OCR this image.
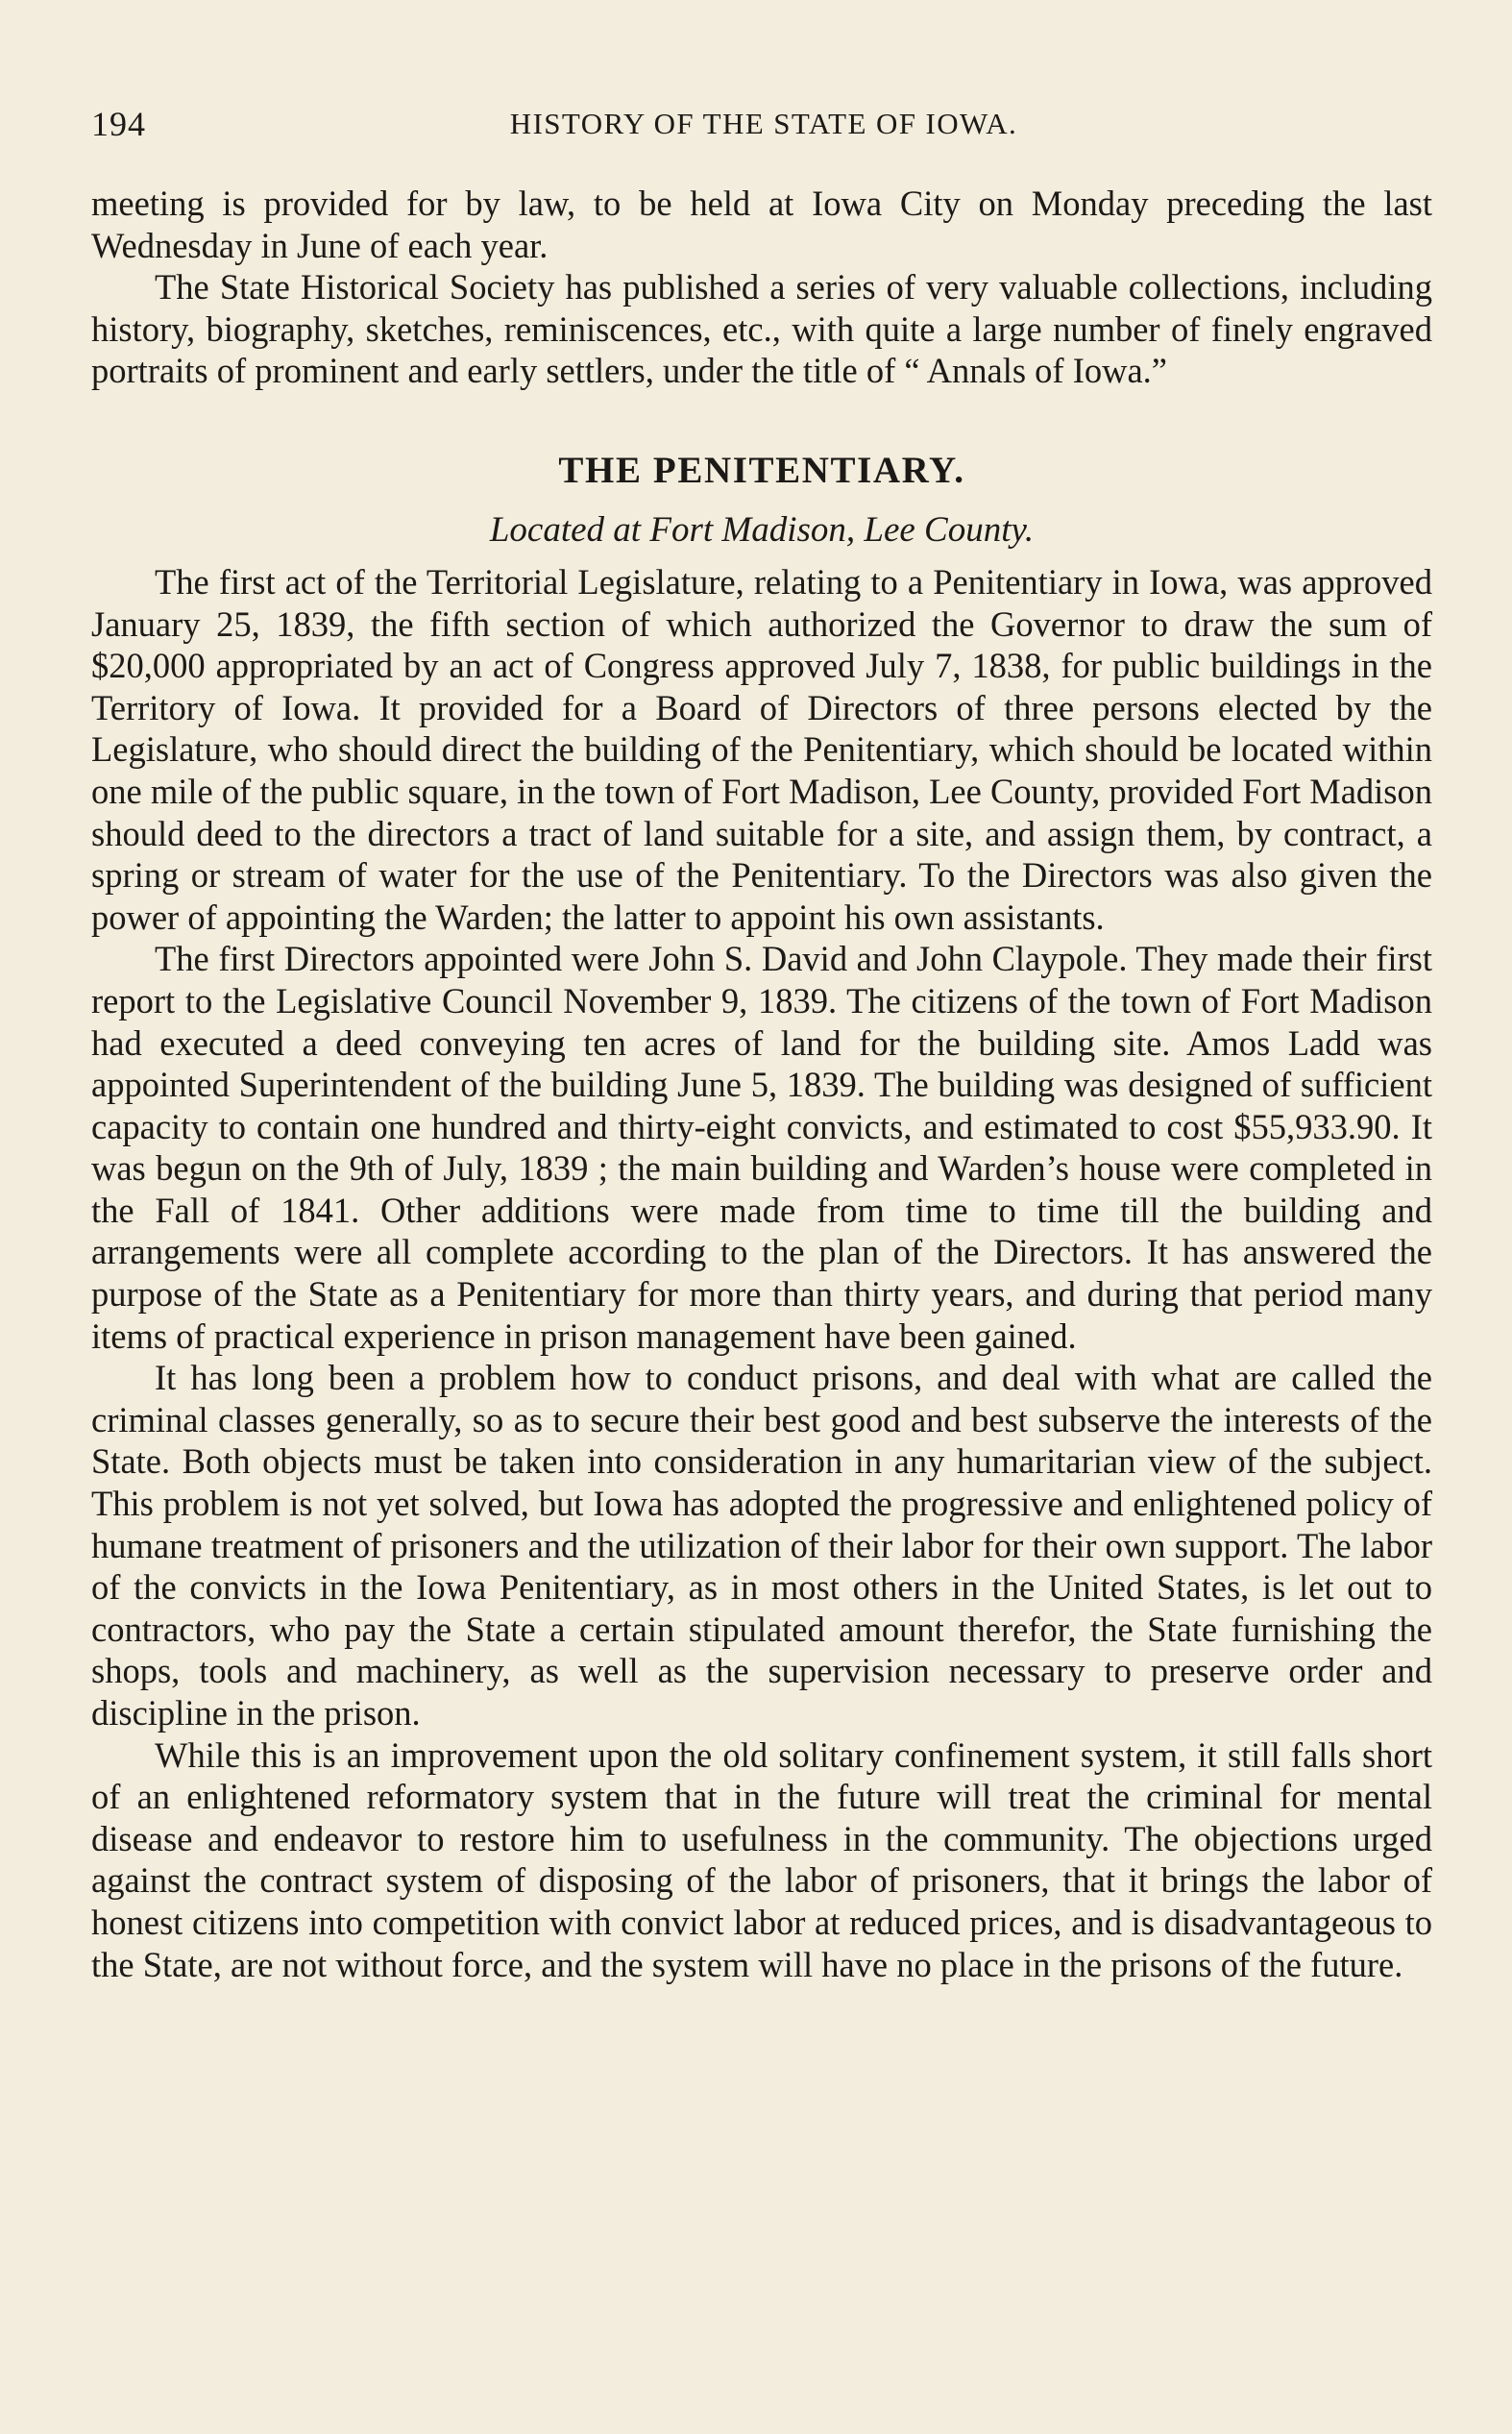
194	HISTORY OF THE STATE OF IOWA.

meeting is provided for by law, to be held at Iowa City on Monday preceding the last Wednesday in June of each year.

The State Historical Society has published a series of very valuable collections, including history, biography, sketches, reminiscences, etc., with quite a large number of finely engraved portraits of prominent and early settlers, under the title of “ Annals of Iowa.”

THE PENITENTIARY.
Located at Fort Madison, Lee County.

The first act of the Territorial Legislature, relating to a Penitentiary in Iowa, was approved January 25, 1839, the fifth section of which authorized the Governor to draw the sum of $20,000 appropriated by an act of Congress approved July 7, 1838, for public buildings in the Territory of Iowa. It provided for a Board of Directors of three persons elected by the Legislature, who should direct the building of the Penitentiary, which should be located within one mile of the public square, in the town of Fort Madison, Lee County, provided Fort Madison should deed to the directors a tract of land suitable for a site, and assign them, by contract, a spring or stream of water for the use of the Penitentiary. To the Directors was also given the power of appointing the Warden; the latter to appoint his own assistants.

The first Directors appointed were John S. David and John Claypole. They made their first report to the Legislative Council November 9, 1839. The citizens of the town of Fort Madison had executed a deed conveying ten acres of land for the building site. Amos Ladd was appointed Superintendent of the building June 5, 1839. The building was designed of sufficient capacity to contain one hundred and thirty-eight convicts, and estimated to cost $55,933.90. It was begun on the 9th of July, 1839 ; the main building and Warden’s house were completed in the Fall of 1841. Other additions were made from time to time till the building and arrangements were all complete according to the plan of the Directors. It has answered the purpose of the State as a Penitentiary for more than thirty years, and during that period many items of practical experience in prison management have been gained.

It has long been a problem how to conduct prisons, and deal with what are called the criminal classes generally, so as to secure their best good and best subserve the interests of the State. Both objects must be taken into consideration in any humaritarian view of the subject. This problem is not yet solved, but Iowa has adopted the progressive and enlightened policy of humane treatment of prisoners and the utilization of their labor for their own support. The labor of the convicts in the Iowa Penitentiary, as in most others in the United States, is let out to contractors, who pay the State a certain stipulated amount therefor, the State furnishing the shops, tools and machinery, as well as the supervision necessary to preserve order and discipline in the prison.

While this is an improvement upon the old solitary confinement system, it still falls short of an enlightened reformatory system that in the future will treat the criminal for mental disease and endeavor to restore him to usefulness in the community. The objections urged against the contract system of disposing of the labor of prisoners, that it brings the labor of honest citizens into competition with convict labor at reduced prices, and is disadvantageous to the State, are not without force, and the system will have no place in the prisons of the future.
